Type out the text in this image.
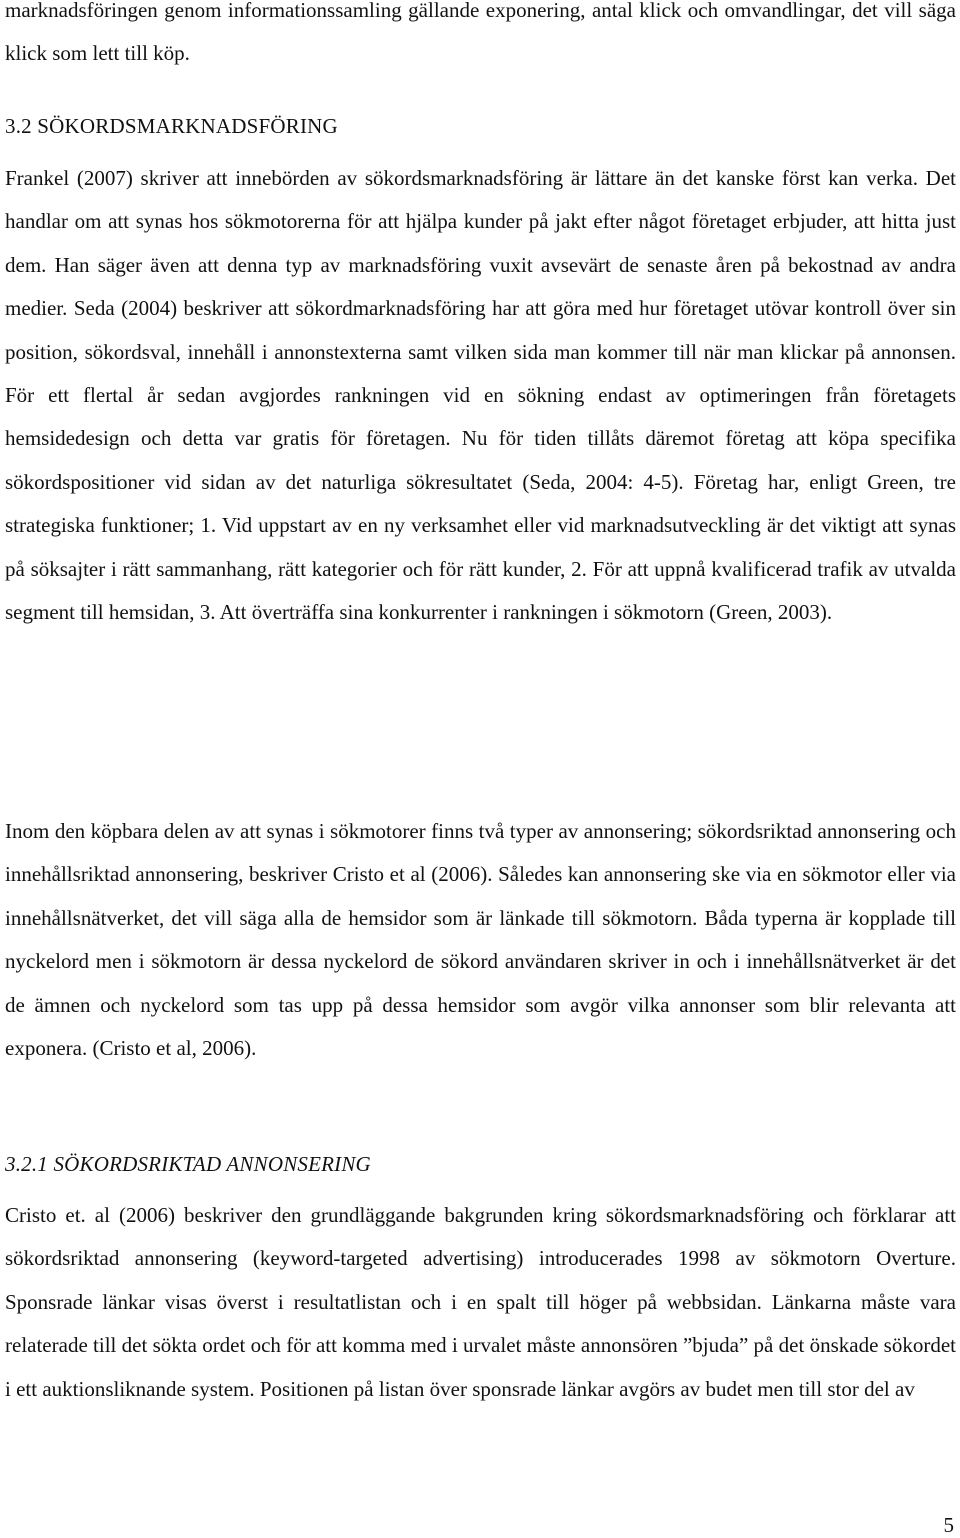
marknadsföringen genom informationssamling gällande exponering, antal klick och omvandlingar, det vill säga klick som lett till köp.

3.2 SÖKORDSMARKNADSFÖRING

Frankel (2007) skriver att innebörden av sökordsmarknadsföring är lättare än det kanske först kan verka. Det handlar om att synas hos sökmotorerna för att hjälpa kunder på jakt efter något företaget erbjuder, att hitta just dem. Han säger även att denna typ av marknadsföring vuxit avsevärt de senaste åren på bekostnad av andra medier. Seda (2004) beskriver att sökordmarknadsföring har att göra med hur företaget utövar kontroll över sin position, sökordsval, innehåll i annonstexterna samt vilken sida man kommer till när man klickar på annonsen. För ett flertal år sedan avgjordes rankningen vid en sökning endast av optimeringen från företagets hemsidedesign och detta var gratis för företagen. Nu för tiden tillåts däremot företag att köpa specifika sökordspositioner vid sidan av det naturliga sökresultatet (Seda, 2004: 4-5). Företag har, enligt Green, tre strategiska funktioner; 1. Vid uppstart av en ny verksamhet eller vid marknadsutveckling är det viktigt att synas på söksajter i rätt sammanhang, rätt kategorier och för rätt kunder, 2. För att uppnå kvalificerad trafik av utvalda segment till hemsidan, 3. Att överträffa sina konkurrenter i rankningen i sökmotorn (Green, 2003).

Inom den köpbara delen av att synas i sökmotorer finns två typer av annonsering; sökordsriktad annonsering och innehållsriktad annonsering, beskriver Cristo et al (2006). Således kan annonsering ske via en sökmotor eller via innehållsnätverket, det vill säga alla de hemsidor som är länkade till sökmotorn. Båda typerna är kopplade till nyckelord men i sökmotorn är dessa nyckelord de sökord användaren skriver in och i innehållsnätverket är det de ämnen och nyckelord som tas upp på dessa hemsidor som avgör vilka annonser som blir relevanta att exponera. (Cristo et al, 2006).

3.2.1 SÖKORDSRIKTAD ANNONSERING

Cristo et. al (2006) beskriver den grundläggande bakgrunden kring sökordsmarknadsföring och förklarar att sökordsriktad annonsering (keyword-targeted advertising) introducerades 1998 av sökmotorn Overture. Sponsrade länkar visas överst i resultatlistan och i en spalt till höger på webbsidan. Länkarna måste vara relaterade till det sökta ordet och för att komma med i urvalet måste annonsören ”bjuda” på det önskade sökordet i ett auktionsliknande system. Positionen på listan över sponsrade länkar avgörs av budet men till stor del av

5
